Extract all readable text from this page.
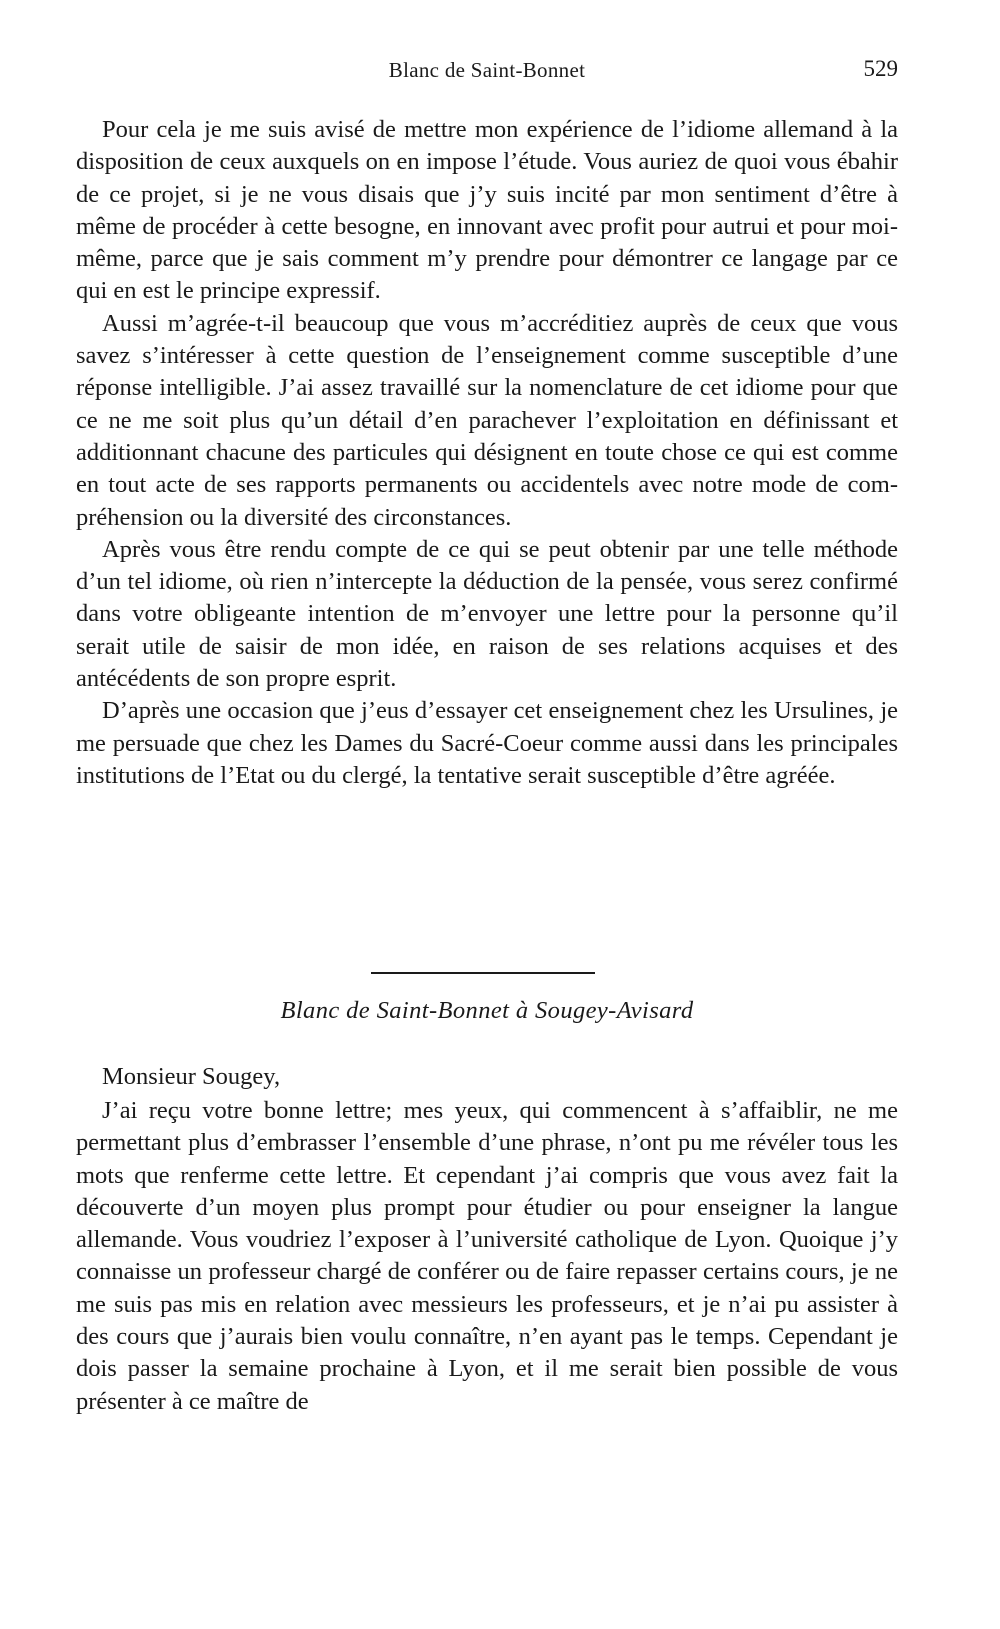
Blanc de Saint-Bonnet	529

Pour cela je me suis avisé de mettre mon expérience de l’idiome allemand à la disposition de ceux auxquels on en impose l’étude. Vous auriez de quoi vous ébahir de ce projet, si je ne vous disais que j’y suis incité par mon sentiment d’être à même de procéder à cette besogne, en innovant avec profit pour autrui et pour moi-même, parce que je sais comment m’y prendre pour démontrer ce langage par ce qui en est le principe expressif.

Aussi m’agrée-t-il beaucoup que vous m’accréditiez auprès de ceux que vous savez s’intéresser à cette question de l’enseignement comme susceptible d’une réponse intelligible. J’ai assez travaillé sur la nomenclature de cet idiome pour que ce ne me soit plus qu’un détail d’en parachever l’exploitation en définissant et additionnant chacune des particules qui désignent en toute chose ce qui est comme en tout acte de ses rapports permanents ou accidentels avec notre mode de compréhension ou la diversité des circonstances.

Après vous être rendu compte de ce qui se peut obtenir par une telle méthode d’un tel idiome, où rien n’intercepte la déduction de la pensée, vous serez confirmé dans votre obligeante intention de m’envoyer une lettre pour la personne qu’il serait utile de saisir de mon idée, en raison de ses relations acquises et des antécédents de son propre esprit.

D’après une occasion que j’eus d’essayer cet enseignement chez les Ursulines, je me persuade que chez les Dames du Sacré-Coeur comme aussi dans les principales institutions de l’Etat ou du clergé, la tentative serait susceptible d’être agréée.

Blanc de Saint-Bonnet à Sougey-Avisard
Monsieur Sougey,

J’ai reçu votre bonne lettre; mes yeux, qui commencent à s’affaiblir, ne me permettant plus d’embrasser l’ensemble d’une phrase, n’ont pu me révéler tous les mots que renferme cette lettre. Et cependant j’ai compris que vous avez fait la découverte d’un moyen plus prompt pour étudier ou pour enseigner la langue allemande. Vous voudriez l’exposer à l’université catholique de Lyon. Quoique j’y connaisse un professeur chargé de conférer ou de faire repasser certains cours, je ne me suis pas mis en relation avec messieurs les professeurs, et je n’ai pu assister à des cours que j’aurais bien voulu connaître, n’en ayant pas le temps. Cependant je dois passer la semaine prochaine à Lyon, et il me serait bien possible de vous présenter à ce maître de
